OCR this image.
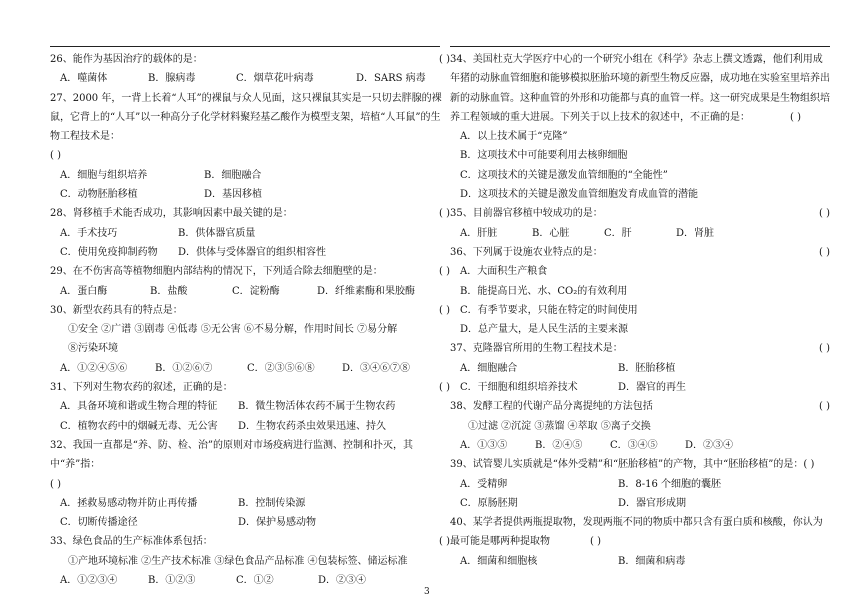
26、能作为基因治疗的载体的是：	( )
A．噬菌体	B．腺病毒	C．烟草花叶病毒	D．SARS 病毒
27、2000 年，一背上长着“人耳”的裸鼠与众人见面，这只裸鼠其实是一只切去胖腺的裸鼠，它背上的“人耳”以一种高分子化学材料聚羟基乙酸作为模型支架，培植“人耳鼠”的生物工程技术是：
( )
A．细胞与组织培养	B．细胞融合
C．动物胚胎移植	D．基因移植
28、肾移植手术能否成功，其影响因素中最关键的是：	( )
A．手术技巧	B．供体器官质量
C．使用免疫抑制药物	D．供体与受体器官的组织相容性
29、在不伤害高等植物细胞内部结构的情况下，下列适合除去细胞壁的是：	( )
A．蛋白酶	B．盐酸	C．淀粉酶	D．纤维素酶和果胶酶
30、新型农药具有的特点是：	( )
①安全 ②广谱 ③剧毒 ④低毒 ⑤无公害 ⑥不易分解，作用时间长 ⑦易分解
⑧污染环境
A．①②④⑤⑥	B．①②⑥⑦	C．②③⑤⑥⑧	D．③④⑥⑦⑧
31、下列对生物农药的叙述，正确的是：	( )
A．具备环境和谐或生物合理的特征	B．微生物活体农药不属于生物农药
C．植物农药中的烟碱无毒、无公害	D．生物农药杀虫效果迅速、持久
32、我国一直都是“养、防、检、治”的原则对市场疫病进行监测、控制和扑灭，其中“养”指：
( )
A．拯救易感动物并防止再传播	B．控制传染源
C．切断传播途径	D．保护易感动物
33、绿色食品的生产标准体系包括：	( )
①产地环境标准 ②生产技术标准 ③绿色食品产品标准 ④包装标签、储运标准
A．①②③④	B．①②③	C．①②	D．②③④
34、美国杜克大学医疗中心的一个研究小组在《科学》杂志上撰文透露，他们利用成年猪的动脉血管细胞和能够模拟胚胎环境的新型生物反应器，成功地在实验室里培养出新的动脉血管。这种血管的外形和功能都与真的血管一样。这一研究成果是生物组织培养工程领域的重大进展。下列关于以上技术的叙述中，不正确的是：	( )
A．以上技术属于“克隆”
B．这项技术中可能要利用去核卵细胞
C．这项技术的关键是激发血管细胞的“全能性”
D．这项技术的关键是激发血管细胞发育成血管的潜能
35、目前器官移植中较成功的是：	( )
A．肝脏	B．心脏	C．肝	D．肾脏
36、下列属于设施农业特点的是：	( )
A．大面积生产粮食
B．能提高日光、水、CO₂的有效利用
C．有季节要求，只能在特定的时间使用
D．总产量大，是人民生活的主要来源
37、克隆器官所用的生物工程技术是：	( )
A．细胞融合	B．胚胎移植
C．干细胞和组织培养技术	D．器官的再生
38、发酵工程的代谢产品分离提纯的方法包括	( )
①过滤 ②沉淀 ③蒸馏 ④萃取 ⑤离子交换
A．①③⑤	B．②④⑤	C．③④⑤	D．②③④
39、试管婴儿实质就是“体外受精”和“胚胎移植”的产物，其中“胚胎移植”的是：( )
A．受精卵	B．8-16 个细胞的囊胚
C．原肠胚期	D．器官形成期
40、某学者提供两瓶提取物，发现两瓶不同的物质中都只含有蛋白质和核酸，你认为最可能是哪两种提取物	( )
A．细菌和细胞核	B．细菌和病毒
3
